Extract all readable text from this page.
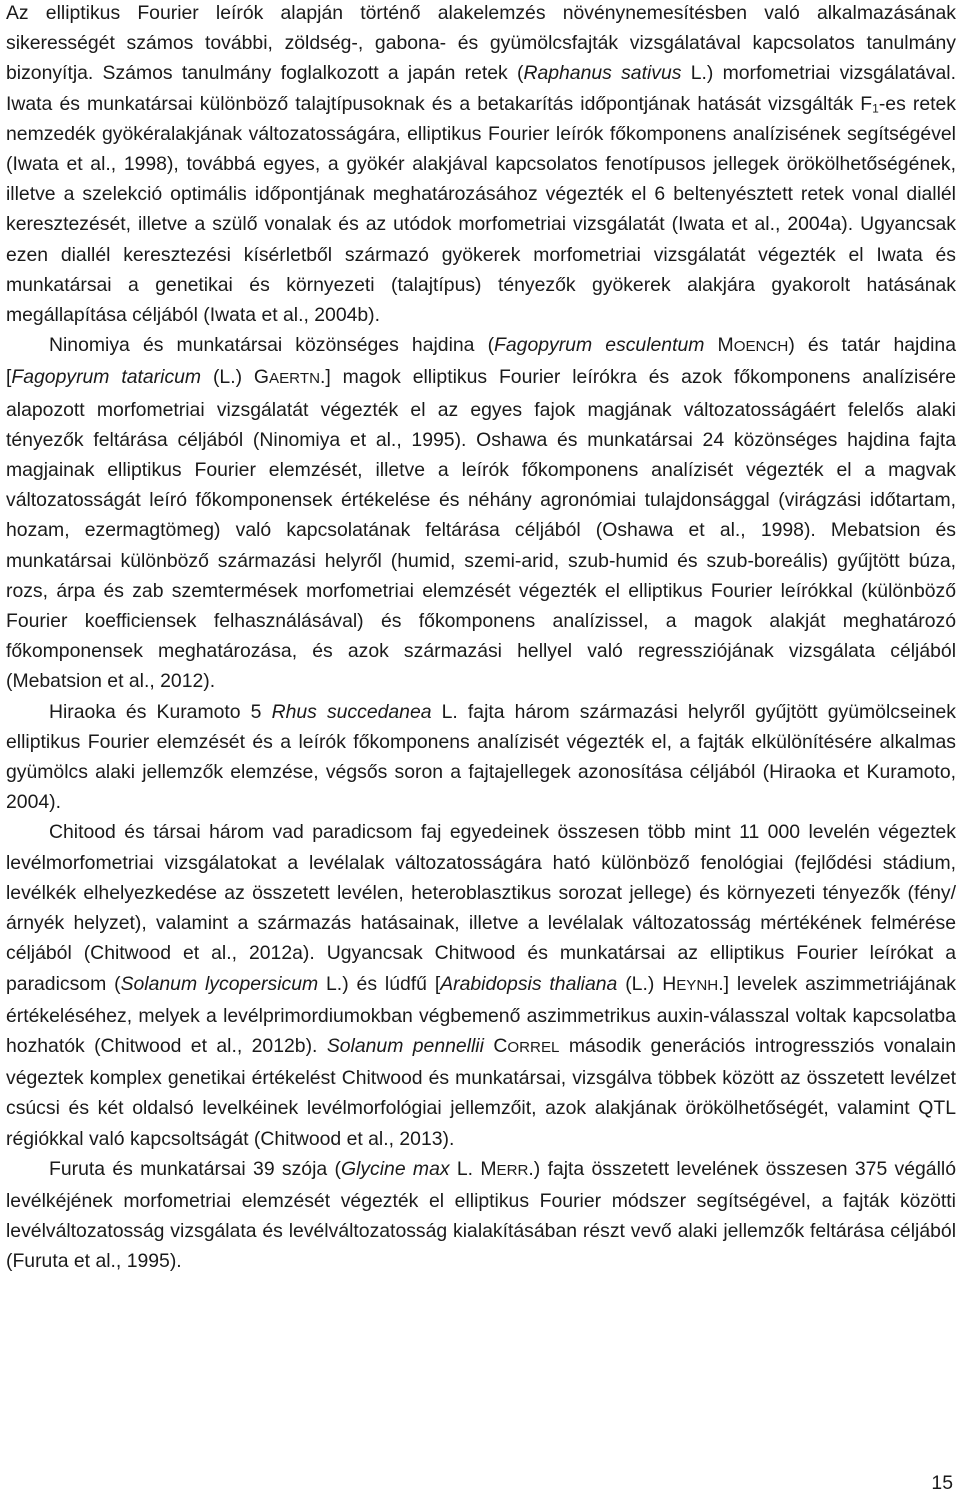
Az elliptikus Fourier leírók alapján történő alakelemzés növénynemesítésben való alkalmazásának sikerességét számos további, zöldség-, gabona- és gyümölcsfajták vizsgálatával kapcsolatos tanulmány bizonyítja. Számos tanulmány foglalkozott a japán retek (Raphanus sativus L.) morfometriai vizsgálatával. Iwata és munkatársai különböző talajtípusoknak és a betakarítás időpontjának hatását vizsgálták $F_1-es$ retek nemzedék gyökéralakjának változatosságára, elliptikus Fourier leírók főkomponens analízisének segítségével (Iwata et al., 1998), továbbá egyes, a gyökér alakjával kapcsolatos fenotípusos jellegek örökölhetőségének, illetve a szelekció optimális időpontjának meghatározásához végezték el 6 beltenyésztett retek vonal diallél keresztezését, illetve a szülő vonalak és az utódok morfometriai vizsgálatát (Iwata et al., 2004a). Ugyancsak ezen diallél keresztezési kísérletből származó gyökerek morfometriai vizsgálatát végezték el Iwata és munkatársai a genetikai és környezeti (talajtípus) tényezők gyökerek alakjára gyakorolt hatásának megállapítása céljából (Iwata et al., 2004b).

Ninomiya és munkatársai közönséges hajdina (Fagopyrum esculentum MOENCH) és tatár hajdina [Fagopyrum tataricum (L.) GAERTN.] magok elliptikus Fourier leírókra és azok főkomponens analízisére alapozott morfometriai vizsgálatát végezték el az egyes fajok magjának változatosságáért felelős alaki tényezők feltárása céljából (Ninomiya et al., 1995). Oshawa és munkatársai 24 közönséges hajdina fajta magjainak elliptikus Fourier elemzését, illetve a leírók főkomponens analízisét végezték el a magvak változatosságát leíró főkomponensek értékelése és néhány agronómiai tulajdonsággal (virágzási időtartam, hozam, ezermagtömeg) való kapcsolatának feltárása céljából (Oshawa et al., 1998). Mebatsion és munkatársai különböző származási helyről (humid, szemi-arid, szub-humid és szub-boreális) gyűjtött búza, rozs, árpa és zab szemtermések morfometriai elemzését végezték el elliptikus Fourier leírókkal (különböző Fourier koefficiensek felhasználásával) és főkomponens analízissel, a magok alakját meghatározó főkomponensek meghatározása, és azok származási hellyel való regressziójának vizsgálata céljából (Mebatsion et al., 2012).

Hiraoka és Kuramoto 5 Rhus succedanea L. fajta három származási helyről gyűjtött gyümölcseinek elliptikus Fourier elemzését és a leírók főkomponens analízisét végezték el, a fajták elkülönítésére alkalmas gyümölcs alaki jellemzők elemzése, végsős soron a fajtajellegek azonosítása céljából (Hiraoka et Kuramoto, 2004).

Chitood és társai három vad paradicsom faj egyedeinek összesen több mint 11 000 levelén végeztek levélmorfometriai vizsgálatokat a levélalak változatosságára ható különböző fenológiai (fejlődési stádium, levélkék elhelyezkedése az összetett levélen, heteroblasztikus sorozat jellege) és környezeti tényezők (fény/árnyék helyzet), valamint a származás hatásainak, illetve a levélalak változatosság mértékének felmérése céljából (Chitwood et al., 2012a). Ugyancsak Chitwood és munkatársai az elliptikus Fourier leírókat a paradicsom (Solanum lycopersicum L.) és lúdfű [Arabidopsis thaliana (L.) HEYNH.] levelek aszimmetriájának értékeléséhez, melyek a levélprimordiumokban végbemenő aszimmetrikus auxin-válasszal voltak kapcsolatba hozhatók (Chitwood et al., 2012b). Solanum pennellii CORREL második generációs introgressziós vonalain végeztek komplex genetikai értékelést Chitwood és munkatársai, vizsgálva többek között az összetett levélzet csúcsi és két oldalsó levelkéinek levélmorfológiai jellemzőit, azok alakjának örökölhetőségét, valamint QTL régiókkal való kapcsoltságát (Chitwood et al., 2013).

Furuta és munkatársai 39 szója (Glycine max L. MERR.) fajta összetett levelének összesen 375 végálló levélkéjének morfometriai elemzését végezték el elliptikus Fourier módszer segítségével, a fajták közötti levélváltozatosság vizsgálata és levélváltozatosság kialakításában részt vevő alaki jellemzők feltárása céljából (Furuta et al., 1995).

15
